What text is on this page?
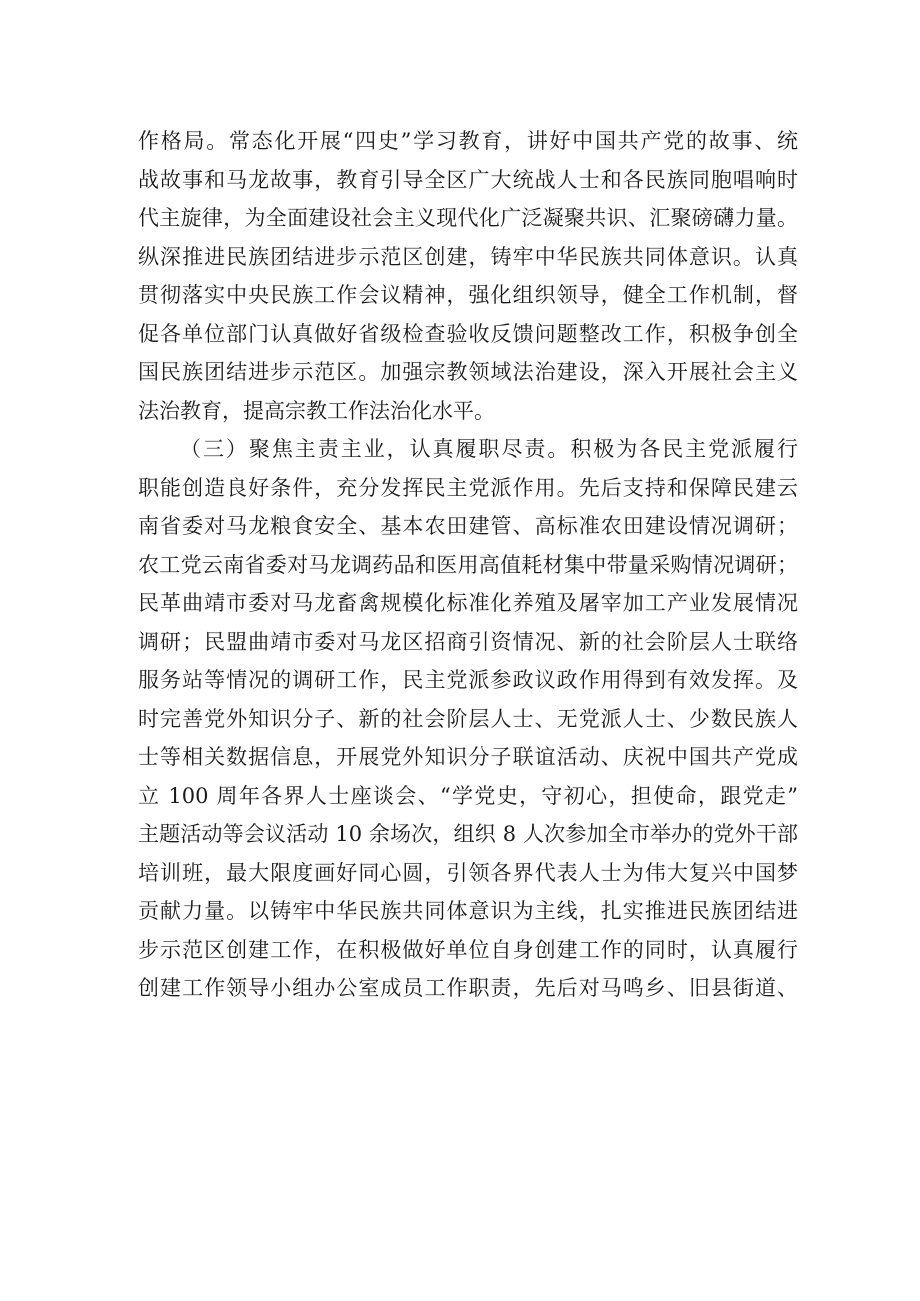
作格局。常态化开展“四史”学习教育，讲好中国共产党的故事、统
战故事和马龙故事，教育引导全区广大统战人士和各民族同胞唱响时
代主旋律，为全面建设社会主义现代化广泛凝聚共识、汇聚磅礴力量。
纵深推进民族团结进步示范区创建，铸牢中华民族共同体意识。认真
贯彻落实中央民族工作会议精神，强化组织领导，健全工作机制，督
促各单位部门认真做好省级检查验收反馈问题整改工作，积极争创全
国民族团结进步示范区。加强宗教领域法治建设，深入开展社会主义
法治教育，提高宗教工作法治化水平。
（三）聚焦主责主业，认真履职尽责。积极为各民主党派履行
职能创造良好条件，充分发挥民主党派作用。先后支持和保障民建云
南省委对马龙粮食安全、基本农田建管、高标准农田建设情况调研；
农工党云南省委对马龙调药品和医用高值耗材集中带量采购情况调研；
民革曲靖市委对马龙畜禽规模化标准化养殖及屠宰加工产业发展情况
调研；民盟曲靖市委对马龙区招商引资情况、新的社会阶层人士联络
服务站等情况的调研工作，民主党派参政议政作用得到有效发挥。及
时完善党外知识分子、新的社会阶层人士、无党派人士、少数民族人
士等相关数据信息，开展党外知识分子联谊活动、庆祝中国共产党成
立 100 周年各界人士座谈会、“学党史，守初心，担使命，跟党走”
主题活动等会议活动 10 余场次，组织 8 人次参加全市举办的党外干部
培训班，最大限度画好同心圆，引领各界代表人士为伟大复兴中国梦
贡献力量。以铸牢中华民族共同体意识为主线，扎实推进民族团结进
步示范区创建工作，在积极做好单位自身创建工作的同时，认真履行
创建工作领导小组办公室成员工作职责，先后对马鸣乡、旧县街道、
